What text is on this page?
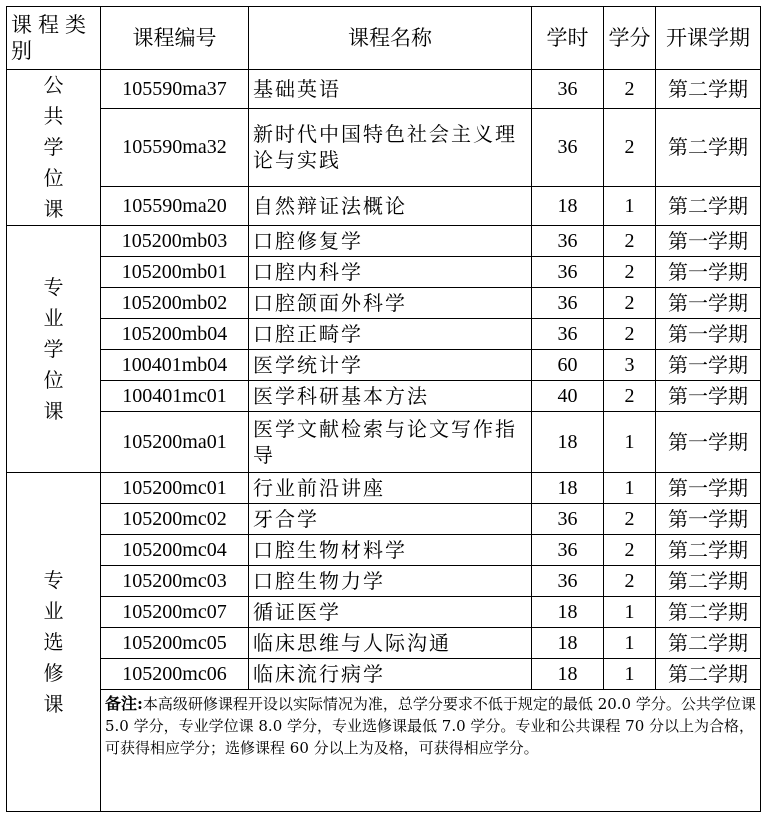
课程类别	课程编号	课程名称	学时	学分	开课学期
公共学位课	105590ma37	基础英语	36	2	第二学期
	105590ma32	新时代中国特色社会主义理论与实践	36	2	第二学期
	105590ma20	自然辩证法概论	18	1	第二学期
专业学位课	105200mb03	口腔修复学	36	2	第一学期
	105200mb01	口腔内科学	36	2	第一学期
	105200mb02	口腔颌面外科学	36	2	第一学期
	105200mb04	口腔正畸学	36	2	第一学期
	100401mb04	医学统计学	60	3	第一学期
	100401mc01	医学科研基本方法	40	2	第一学期
	105200ma01	医学文献检索与论文写作指导	18	1	第一学期
专业选修课	105200mc01	行业前沿讲座	18	1	第一学期
	105200mc02	牙合学	36	2	第一学期
	105200mc04	口腔生物材料学	36	2	第二学期
	105200mc03	口腔生物力学	36	2	第二学期
	105200mc07	循证医学	18	1	第二学期
	105200mc05	临床思维与人际沟通	18	1	第二学期
	105200mc06	临床流行病学	18	1	第二学期
	备注:本高级研修课程开设以实际情况为准，总学分要求不低于规定的最低 20.0 学分。公共学位课 5.0 学分，专业学位课 8.0 学分，专业选修课最低 7.0 学分。专业和公共课程 70 分以上为合格，可获得相应学分；选修课程 60 分以上为及格，可获得相应学分。				
